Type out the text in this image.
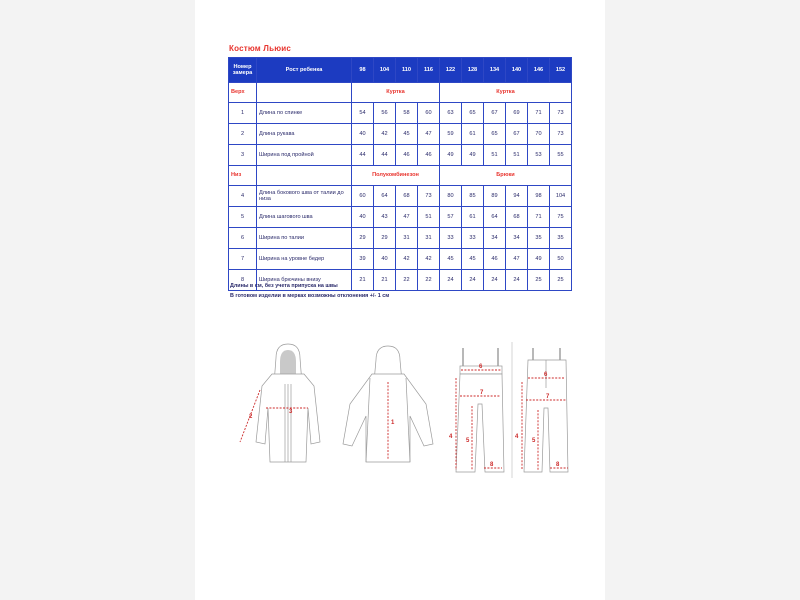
Костюм Льюис
Номер замера	Рост ребенка	98	104	110	116	122	128	134	140	146	152
Верх		Куртка				Куртка					
1	Длина по спинке	54	56	58	60	63	65	67	69	71	73
2	Длина рукава	40	42	45	47	59	61	65	67	70	73
3	Ширина под пройной	44	44	46	46	49	49	51	51	53	55
Низ		Полукомбинезон				Брюки					
4	Длина бокового шва от талии до низа	60	64	68	73	80	85	89	94	98	104
5	Длина шагового шва	40	43	47	51	57	61	64	68	71	75
6	Ширина по талии	29	29	31	31	33	33	34	34	35	35
7	Ширина на уровне бедер	39	40	42	42	45	45	46	47	49	50
8	Ширина брючины внизу	21	21	22	22	24	24	24	24	25	25
Длины в см, без учета припуска на швы
В готовом изделии в мерках возможны отклонения +/- 1 см
2
3
1
6
7
4
5
8
6
7
4
5
8
